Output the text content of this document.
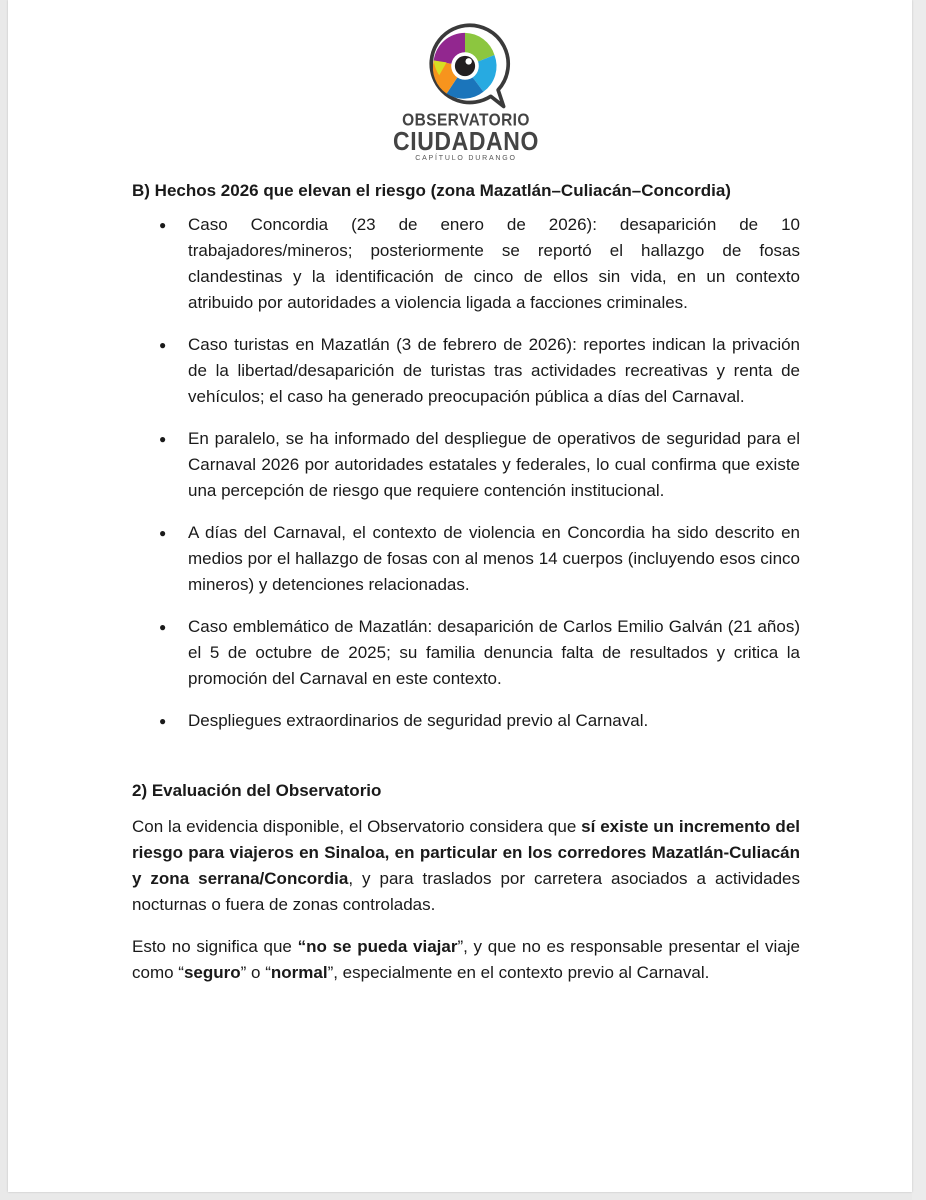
OBSERVATORIO
CIUDADANO
CAPÍTULO DURANGO
B) Hechos 2026 que elevan el riesgo (zona Mazatlán–Culiacán–Concordia)
● Caso Concordia (23 de enero de 2026): desaparición de 10 trabajadores/mineros; posteriormente se reportó el hallazgo de fosas clandestinas y la identificación de cinco de ellos sin vida, en un contexto atribuido por autoridades a violencia ligada a facciones criminales.
● Caso turistas en Mazatlán (3 de febrero de 2026): reportes indican la privación de la libertad/desaparición de turistas tras actividades recreativas y renta de vehículos; el caso ha generado preocupación pública a días del Carnaval.
● En paralelo, se ha informado del despliegue de operativos de seguridad para el Carnaval 2026 por autoridades estatales y federales, lo cual confirma que existe una percepción de riesgo que requiere contención institucional.
● A días del Carnaval, el contexto de violencia en Concordia ha sido descrito en medios por el hallazgo de fosas con al menos 14 cuerpos (incluyendo esos cinco mineros) y detenciones relacionadas.
● Caso emblemático de Mazatlán: desaparición de Carlos Emilio Galván (21 años) el 5 de octubre de 2025; su familia denuncia falta de resultados y critica la promoción del Carnaval en este contexto.
● Despliegues extraordinarios de seguridad previo al Carnaval.
2) Evaluación del Observatorio

Con la evidencia disponible, el Observatorio considera que sí existe un incremento del riesgo para viajeros en Sinaloa, en particular en los corredores Mazatlán-Culiacán y zona serrana/Concordia, y para traslados por carretera asociados a actividades nocturnas o fuera de zonas controladas.

Esto no significa que “no se pueda viajar”, y que no es responsable presentar el viaje como “seguro” o “normal”, especialmente en el contexto previo al Carnaval.
